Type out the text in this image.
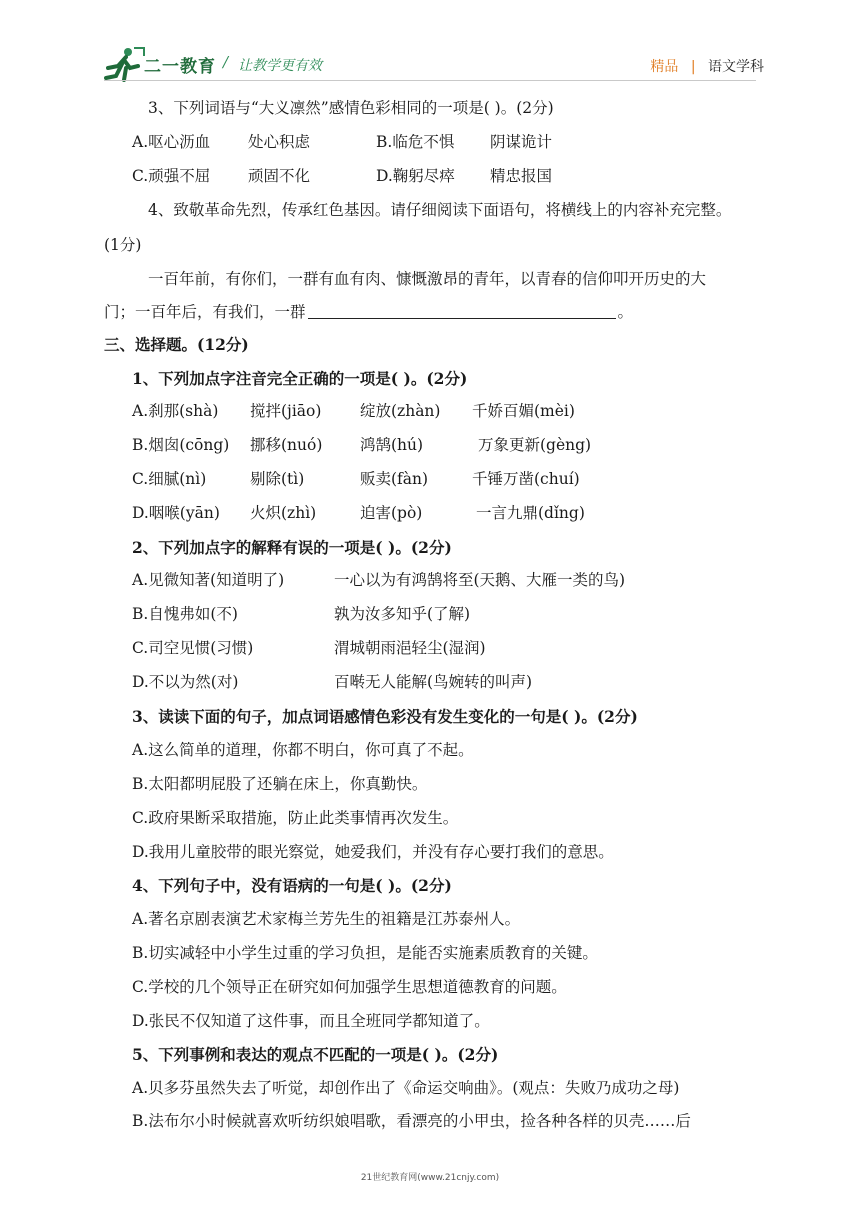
二一教育 / 让教学更有效	精品 | 语文学科
3、下列词语与“大义凛然”感情色彩相同的一项是( )。(2分)
A.呕心沥血 处心积虑	B.临危不惧 阴谋诡计
C.顽强不屈 顽固不化	D.鞠躬尽瘁 精忠报国
4、致敬革命先烈，传承红色基因。请仔细阅读下面语句，将横线上的内容补充完整。
(1分)
一百年前，有你们，一群有血有肉、慷慨激昂的青年，以青春的信仰叩开历史的大
门；一百年后，有我们，一群	。
三、选择题。(12分)
1、下列加点字注音完全正确的一项是( )。(2分)
A.刹那(shà) 搅拌(jiāo) 绽放(zhàn) 千娇百媚(mèi)
B.烟囱(cōng) 挪移(nuó) 鸿鹄(hú)	万象更新(gèng)
C.细腻(nì)	剔除(tì)	贩卖(fàn)	千锤万凿(chuí)
D.咽喉(yān) 火炽(zhì)	迫害(pò)	一言九鼎(dǐng)
2、下列加点字的解释有误的一项是( )。(2分)
A.见微知著(知道明了)	一心以为有鸿鹄将至(天鹅、大雁一类的鸟)
B.自愧弗如(不)	孰为汝多知乎(了解)
C.司空见惯(习惯)	渭城朝雨浥轻尘(湿润)
D.不以为然(对)	百啭无人能解(鸟婉转的叫声)
3、读读下面的句子，加点词语感情色彩没有发生变化的一句是( )。(2分)
A.这么简单的道理，你都不明白，你可真了不起。
B.太阳都明屁股了还躺在床上，你真勤快。
C.政府果断采取措施，防止此类事情再次发生。
D.我用儿童胶带的眼光察觉，她爱我们，并没有存心要打我们的意思。
4、下列句子中，没有语病的一句是( )。(2分)
A.著名京剧表演艺术家梅兰芳先生的祖籍是江苏泰州人。
B.切实减轻中小学生过重的学习负担，是能否实施素质教育的关键。
C.学校的几个领导正在研究如何加强学生思想道德教育的问题。
D.张民不仅知道了这件事，而且全班同学都知道了。
5、下列事例和表达的观点不匹配的一项是( )。(2分)
A.贝多芬虽然失去了听觉，却创作出了《命运交响曲》。(观点：失败乃成功之母)
B.法布尔小时候就喜欢听纺织娘唱歌，看漂亮的小甲虫，捡各种各样的贝壳……后
21世纪教育网(www.21cnjy.com)
